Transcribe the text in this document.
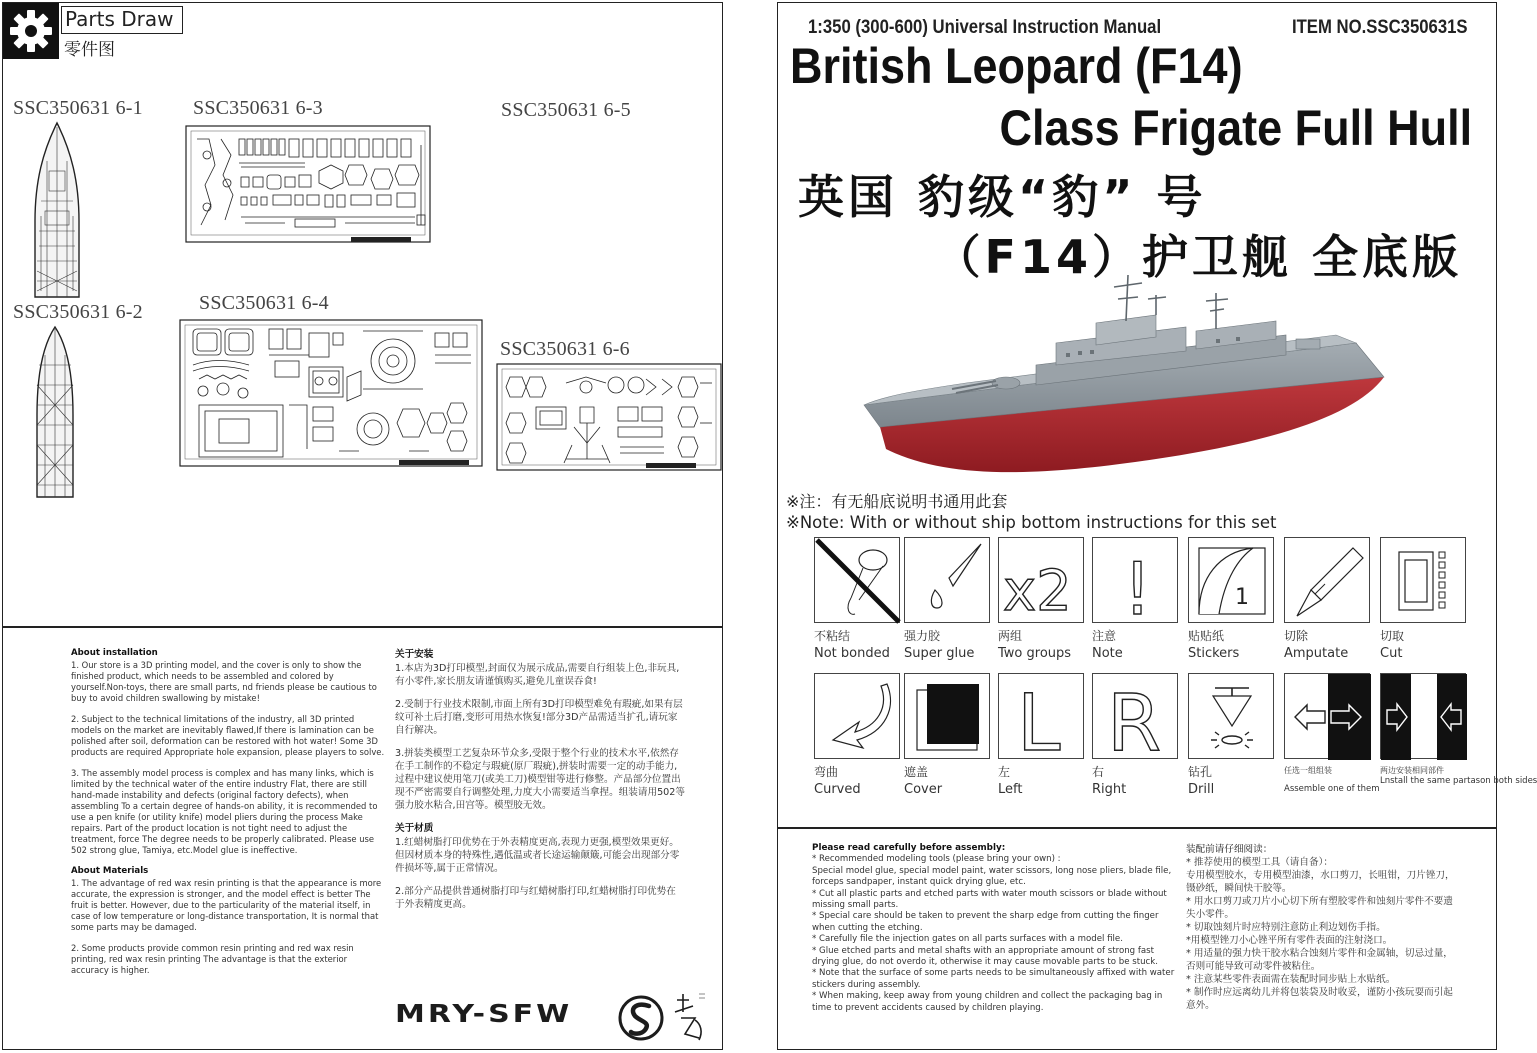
Parts Draw
零件图
SSC350631 6-1	SSC350631 6-3	SSC350631 6-5
SSC350631 6-2	SSC350631 6-4
SSC350631 6-6
About installation

1. Our store is a 3D printing model, and the cover is only to show the finished product, which needs to be assembled and colored by yourself.Non-toys, there are small parts, nd friends please be cautious to buy to avoid children swallowing by mistake!

2. Subject to the technical limitations of the industry, all 3D printed models on the market are inevitably flawed,If there is lamination can be polished after soil, deformation can be restored with hot water! Some 3D products are required Appropriate hole expansion, please players to solve.

3. The assembly model process is complex and has many links, which is limited by the technical water of the entire industry Flat, there are still hand-made instability and defects (original factory defects), when assembling To a certain degree of hands-on ability, it is recommended to use a pen knife (or utility knife) model pliers during the process Make repairs. Part of the product location is not tight need to adjust the treatment, force The degree needs to be properly calibrated. Please use 502 strong glue, Tamiya, etc.Model glue is ineffective.

About Materials

1. The advantage of red wax resin printing is that the appearance is more accurate, the expression is stronger, and the model effect is better The fruit is better. However, due to the particularity of the material itself, in case of low temperature or long-distance transportation, It is normal that some parts may be damaged.

2. Some products provide common resin printing and red wax resin printing, red wax resin printing The advantage is that the exterior accuracy is higher.

关于安装

1.本店为3D打印模型,封面仅为展示成品,需要自行组装上色,非玩具,有小零件,家长朋友请谨慎购买,避免儿童误吞食!

2.受制于行业技术限制,市面上所有3D打印模型难免有瑕疵,如果有层纹可补土后打磨,变形可用热水恢复!部分3D产品需适当扩孔,请玩家自行解决。

3.拼装类模型工艺复杂环节众多,受限于整个行业的技术水平,依然存在手工制作的不稳定与瑕疵(原厂瑕疵),拼装时需要一定的动手能力,过程中建议使用笔刀(或美工刀)模型钳等进行修整。产品部分位置出现不严密需要自行调整处理,力度大小需要适当拿捏。组装请用502等强力胶水粘合,田宫等。模型胶无效。

关于材质

1.红蜡树脂打印优势在于外表精度更高,表现力更强,模型效果更好。但因材质本身的特殊性,遇低温或者长途运输颠簸,可能会出现部分零件损坏等,属于正常情况。

2.部分产品提供普通树脂打印与红蜡树脂打印,红蜡树脂打印优势在于外表精度更高。

MRY-SFW
1:350 (300-600) Universal Instruction Manual	ITEM NO.SSC350631S
British Leopard (F14)
Class Frigate Full Hull
英国 豹级“豹” 号
（F14）护卫舰 全底版
※注：有无船底说明书通用此套
※Note: With or without ship bottom instructions for this set
不粘结
Not bonded
强力胶
Super glue
x2
两组
Two groups
!
注意
Note
1
贴贴纸
Stickers
切除
Amputate
切取
Cut
弯曲
Curved
遮盖
Cover
L
左
Left
R
右
Right
钻孔
Drill
任选一组组装
Assemble one of them
两边安装相同部件
Lnstall the same partason both sides
Please read carefully before assembly:
* Recommended modeling tools (please bring your own) :
Special model glue, special model paint, water scissors, long nose pliers, blade file, forceps sandpaper, instant quick drying glue, etc.
* Cut all plastic parts and etched parts with water mouth scissors or blade without missing small parts.
* Special care should be taken to prevent the sharp edge from cutting the finger when cutting the etching.
* Carefully file the injection gates on all parts surfaces with a model file.
* Glue etched parts and metal shafts with an appropriate amount of strong fast drying glue, do not overdo it, otherwise it may cause movable parts to be stuck.
* Note that the surface of some parts needs to be simultaneously affixed with water stickers during assembly.
* When making, keep away from young children and collect the packaging bag in time to prevent accidents caused by children playing.
装配前请仔细阅读：
* 推荐使用的模型工具（请自备）：
专用模型胶水，专用模型油漆，水口剪刀，长咀钳，刀片锉刀，镊砂纸，瞬间快干胶等。
* 用水口剪刀或刀片小心切下所有塑胶零件和蚀刻片零件不要遗失小零件。
* 切取蚀刻片时应特别注意防止利边划伤手指。
*用模型锉刀小心锉平所有零件表面的注射浇口。
* 用适量的强力快干胶水粘合蚀刻片零件和金属轴，切忌过量，否则可能导致可动零件被粘住。
* 注意某些零件表面需在装配时同步贴上水贴纸。
* 制作时应远离幼儿并将包装袋及时收妥，谨防小孩玩耍而引起意外。
